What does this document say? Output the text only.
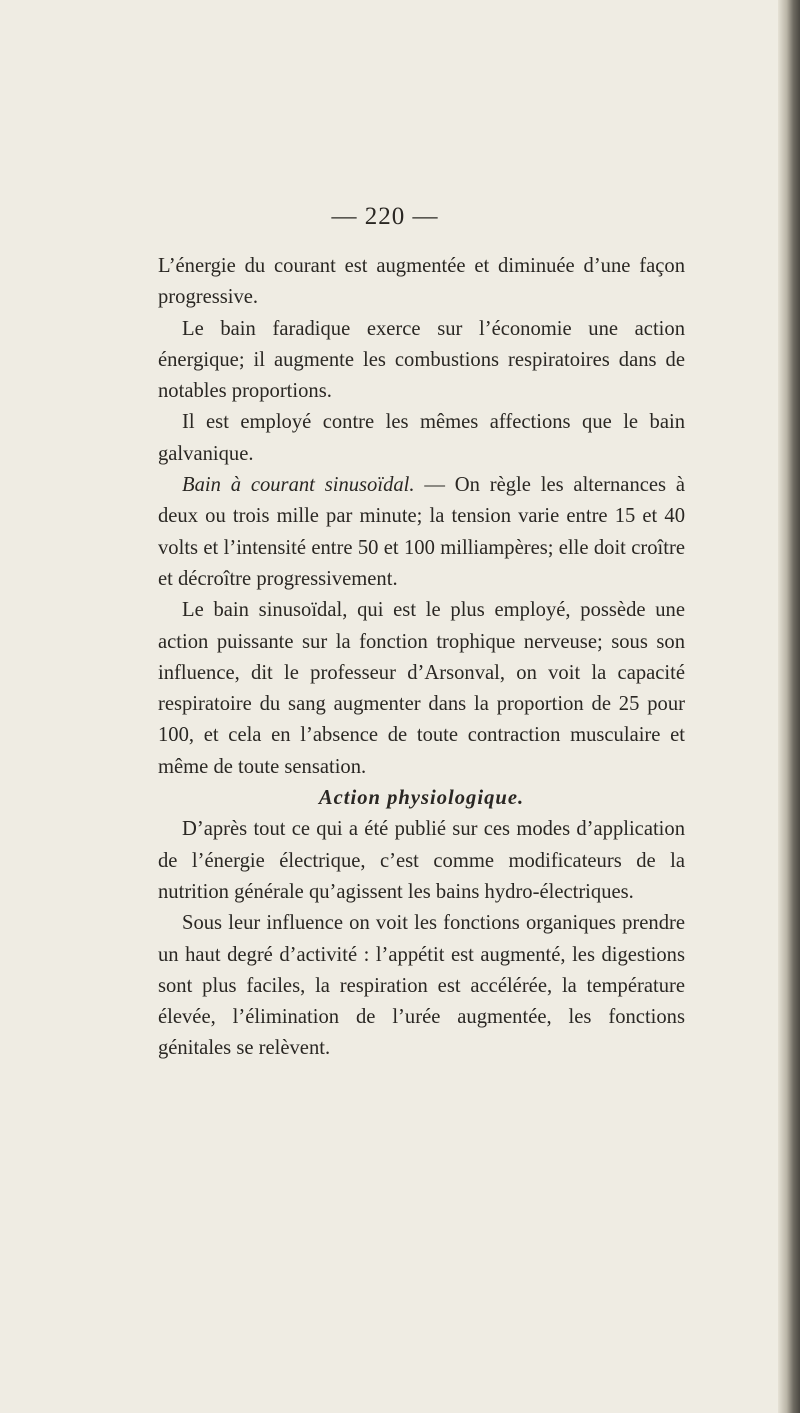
— 220 —

L’énergie du courant est augmentée et diminuée d’une façon progressive.

Le bain faradique exerce sur l’économie une action énergique; il augmente les combustions respiratoires dans de notables proportions.

Il est employé contre les mêmes affections que le bain galvanique.

Bain à courant sinusoïdal. — On règle les alternances à deux ou trois mille par minute; la tension varie entre 15 et 40 volts et l’intensité entre 50 et 100 milliampères; elle doit croître et décroître progressivement.

Le bain sinusoïdal, qui est le plus employé, possède une action puissante sur la fonction trophique nerveuse; sous son influence, dit le professeur d’Arsonval, on voit la capacité respiratoire du sang augmenter dans la proportion de 25 pour 100, et cela en l’absence de toute contraction musculaire et même de toute sensation.

Action physiologique.

D’après tout ce qui a été publié sur ces modes d’application de l’énergie électrique, c’est comme modificateurs de la nutrition générale qu’agissent les bains hydro-électriques.

Sous leur influence on voit les fonctions organiques prendre un haut degré d’activité : l’appétit est augmenté, les digestions sont plus faciles, la respiration est accélérée, la température élevée, l’élimination de l’urée augmentée, les fonctions génitales se relèvent.
